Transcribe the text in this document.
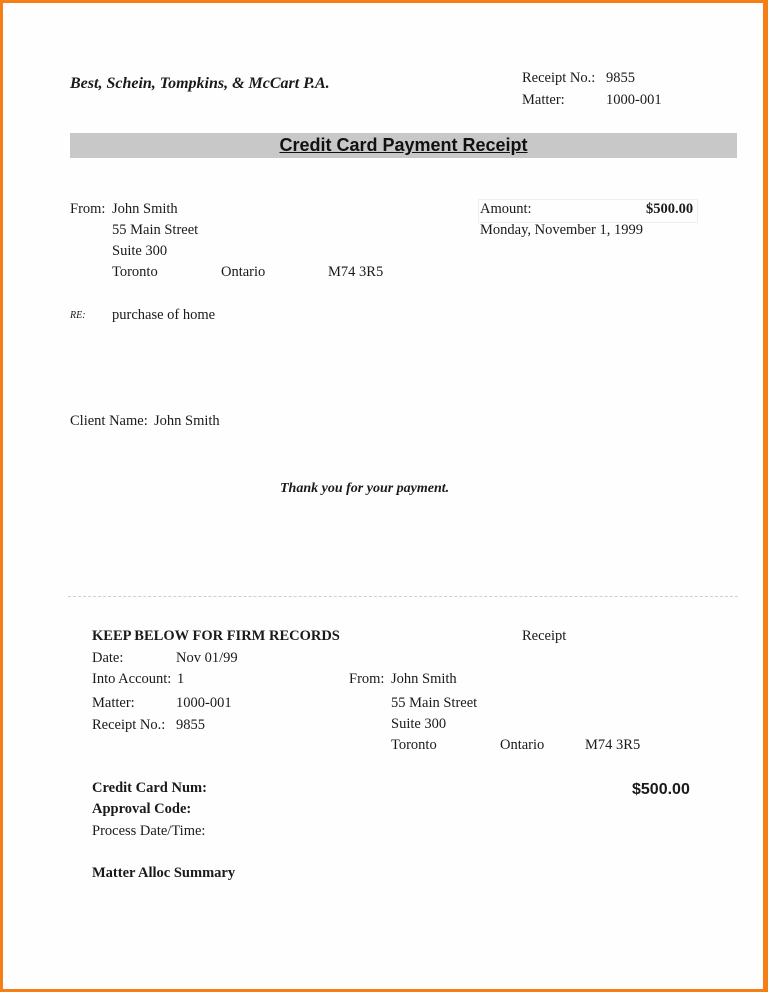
Best, Schein, Tompkins, & McCart P.A.	Receipt No.: 9855
Matter:	1000-001
Credit Card Payment Receipt
From: John Smith
55 Main Street
Suite 300
Toronto	Ontario	M74 3R5
Amount:	$500.00
Monday, November 1, 1999
RE: purchase of home
Client Name: John Smith
Thank you for your payment.
KEEP BELOW FOR FIRM RECORDS	Receipt
Date:	Nov 01/99
Into Account: 1
Matter:	1000-001
Receipt No.: 9855
From: John Smith
55 Main Street
Suite 300
Toronto	Ontario	M74 3R5
Credit Card Num:
Approval Code:
Process Date/Time:
$500.00
Matter Alloc Summary
